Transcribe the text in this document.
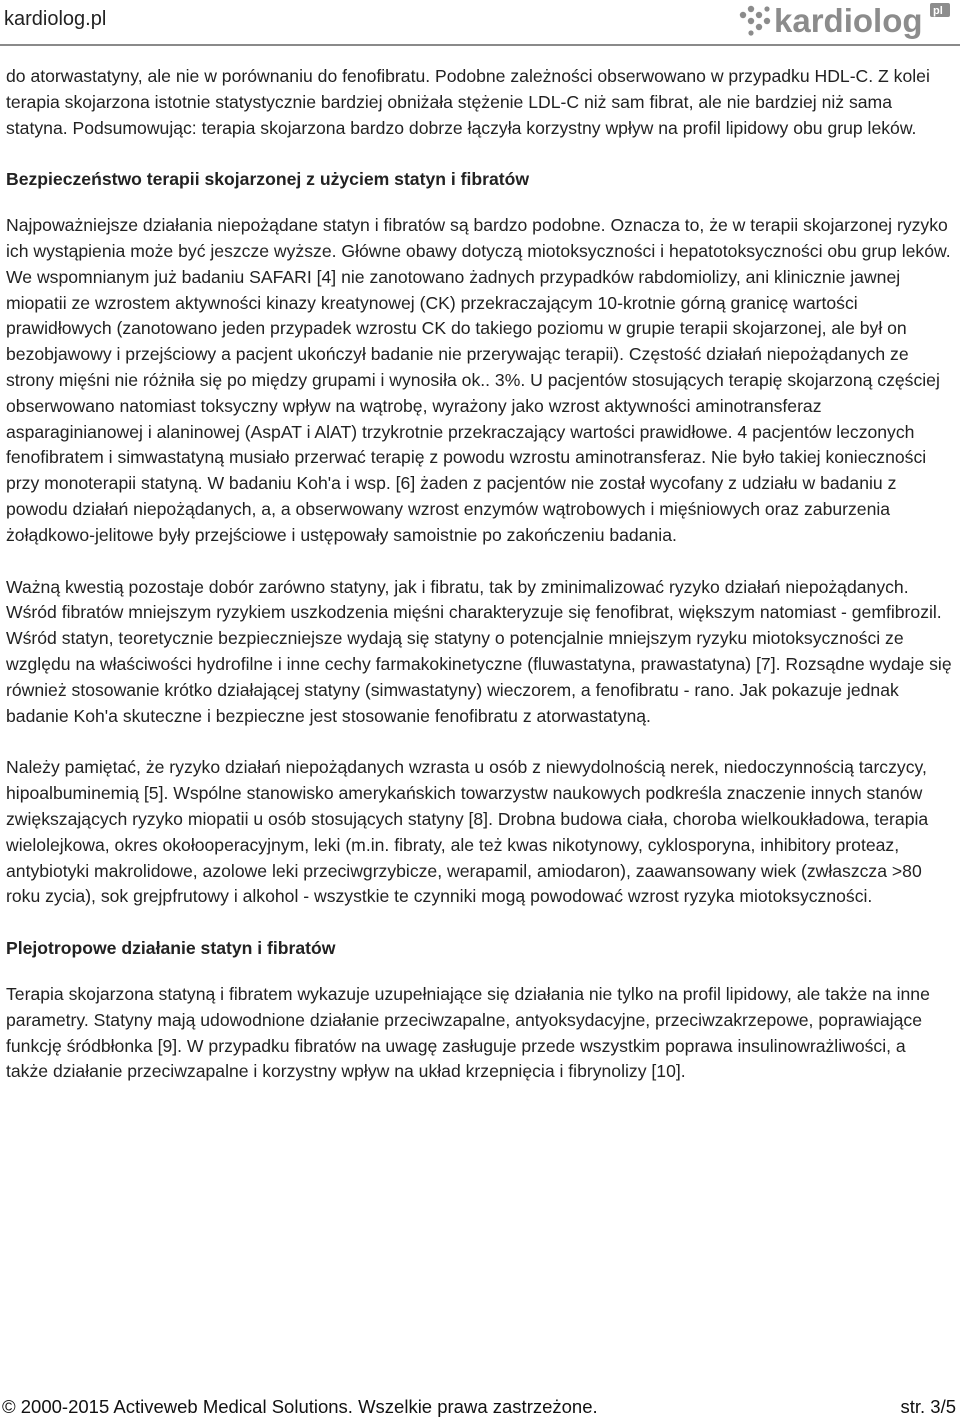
kardiolog.pl	kardiolog pl

do atorwastatyny, ale nie w porównaniu do fenofibratu. Podobne zależności obserwowano w przypadku HDL-C. Z kolei terapia skojarzona istotnie statystycznie bardziej obniżała stężenie LDL-C niż sam fibrat, ale nie bardziej niż sama statyna. Podsumowując: terapia skojarzona bardzo dobrze łączyła korzystny wpływ na profil lipidowy obu grup leków.

Bezpieczeństwo terapii skojarzonej z użyciem statyn i fibratów

Najpoważniejsze działania niepożądane statyn i fibratów są bardzo podobne. Oznacza to, że w terapii skojarzonej ryzyko ich wystąpienia może być jeszcze wyższe. Główne obawy dotyczą miotoksyczności i hepatotoksyczności obu grup leków. We wspomnianym już badaniu SAFARI [4] nie zanotowano żadnych przypadków rabdomiolizy, ani klinicznie jawnej miopatii ze wzrostem aktywności kinazy kreatynowej (CK) przekraczającym 10-krotnie górną granicę wartości prawidłowych (zanotowano jeden przypadek wzrostu CK do takiego poziomu w grupie terapii skojarzonej, ale był on bezobjawowy i przejściowy a pacjent ukończył badanie nie przerywając terapii). Częstość działań niepożądanych ze strony mięśni nie różniła się po między grupami i wynosiła ok.. 3%. U pacjentów stosujących terapię skojarzoną częściej obserwowano natomiast toksyczny wpływ na wątrobę, wyrażony jako wzrost aktywności aminotransferaz asparaginianowej i alaninowej (AspAT i AlAT) trzykrotnie przekraczający wartości prawidłowe. 4 pacjentów leczonych fenofibratem i simwastatyną musiało przerwać terapię z powodu wzrostu aminotransferaz. Nie było takiej konieczności przy monoterapii statyną. W badaniu Koh'a i wsp. [6] żaden z pacjentów nie został wycofany z udziału w badaniu z powodu działań niepożądanych, a, a obserwowany wzrost enzymów wątrobowych i mięśniowych oraz zaburzenia żołądkowo-jelitowe były przejściowe i ustępowały samoistnie po zakończeniu badania.

Ważną kwestią pozostaje dobór zarówno statyny, jak i fibratu, tak by zminimalizować ryzyko działań niepożądanych. Wśród fibratów mniejszym ryzykiem uszkodzenia mięśni charakteryzuje się fenofibrat, większym natomiast - gemfibrozil. Wśród statyn, teoretycznie bezpieczniejsze wydają się statyny o potencjalnie mniejszym ryzyku miotoksyczności ze względu na właściwości hydrofilne i inne cechy farmakokinetyczne (fluwastatyna, prawastatyna) [7]. Rozsądne wydaje się również stosowanie krótko działającej statyny (simwastatyny) wieczorem, a fenofibratu - rano. Jak pokazuje jednak badanie Koh'a skuteczne i bezpieczne jest stosowanie fenofibratu z atorwastatyną.

Należy pamiętać, że ryzyko działań niepożądanych wzrasta u osób z niewydolnością nerek, niedoczynnością tarczycy, hipoalbuminemią [5]. Wspólne stanowisko amerykańskich towarzystw naukowych podkreśla znaczenie innych stanów zwiększających ryzyko miopatii u osób stosujących statyny [8]. Drobna budowa ciała, choroba wielkoukładowa, terapia wielolejkowa, okres okołooperacyjnym, leki (m.in. fibraty, ale też kwas nikotynowy, cyklosporyna, inhibitory proteaz, antybiotyki makrolidowe, azolowe leki przeciwgrzybicze, werapamil, amiodaron), zaawansowany wiek (zwłaszcza >80 roku zycia), sok grejpfrutowy i alkohol - wszystkie te czynniki mogą powodować wzrost ryzyka miotoksyczności.

Plejotropowe działanie statyn i fibratów

Terapia skojarzona statyną i fibratem wykazuje uzupełniające się działania nie tylko na profil lipidowy, ale także na inne parametry. Statyny mają udowodnione działanie przeciwzapalne, antyoksydacyjne, przeciwzakrzepowe, poprawiające funkcję śródbłonka [9]. W przypadku fibratów na uwagę zasługuje przede wszystkim poprawa insulinowrażliwości, a także działanie przeciwzapalne i korzystny wpływ na układ krzepnięcia i fibrynolizy [10].

© 2000-2015 Activeweb Medical Solutions. Wszelkie prawa zastrzeżone.	str. 3/5
